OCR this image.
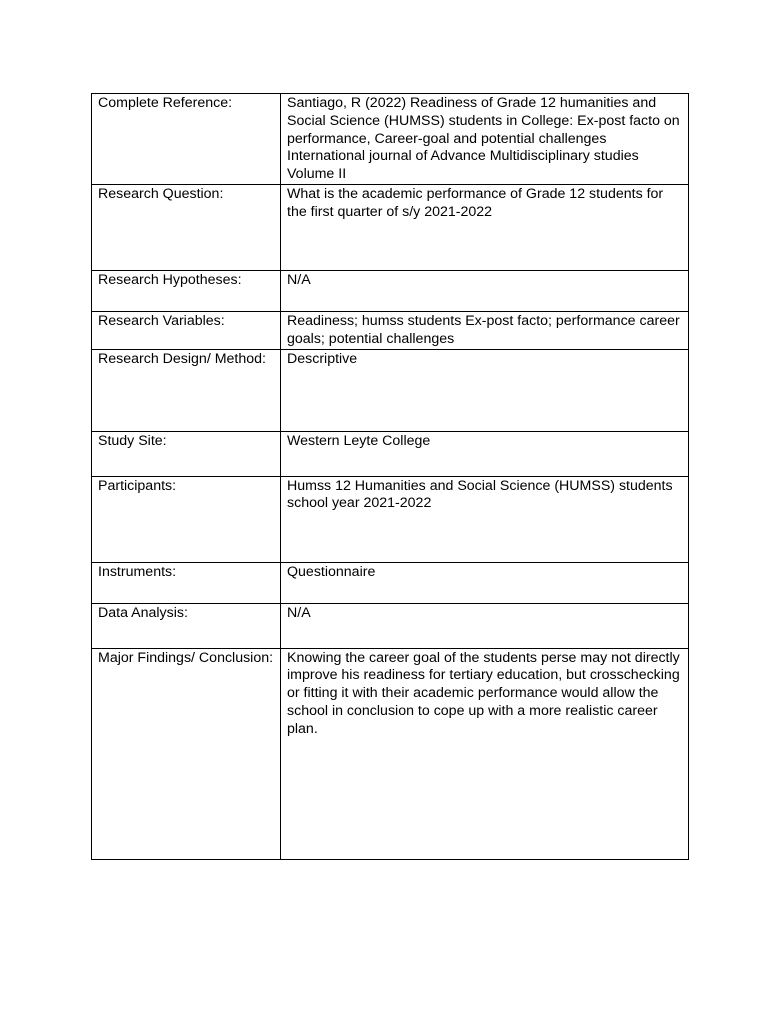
Complete Reference:	Santiago, R (2022) Readiness of Grade 12 humanities and Social Science (HUMSS) students in College: Ex-post facto on performance, Career-goal and potential challenges International journal of Advance Multidisciplinary studies Volume II

Research Question:	What is the academic performance of Grade 12 students for the first quarter of s/y 2021-2022

Research Hypotheses:	N/A

Research Variables:	Readiness; humss students Ex-post facto; performance career goals; potential challenges

Research Design/ Method:	Descriptive

Study Site:	Western Leyte College

Participants:	Humss 12 Humanities and Social Science (HUMSS) students school year 2021-2022

Instruments:	Questionnaire

Data Analysis:	N/A

Major Findings/ Conclusion:	Knowing the career goal of the students perse may not directly improve his readiness for tertiary education, but crosschecking  or fitting it with their academic performance would allow the school in conclusion to cope up with a more realistic career plan.
